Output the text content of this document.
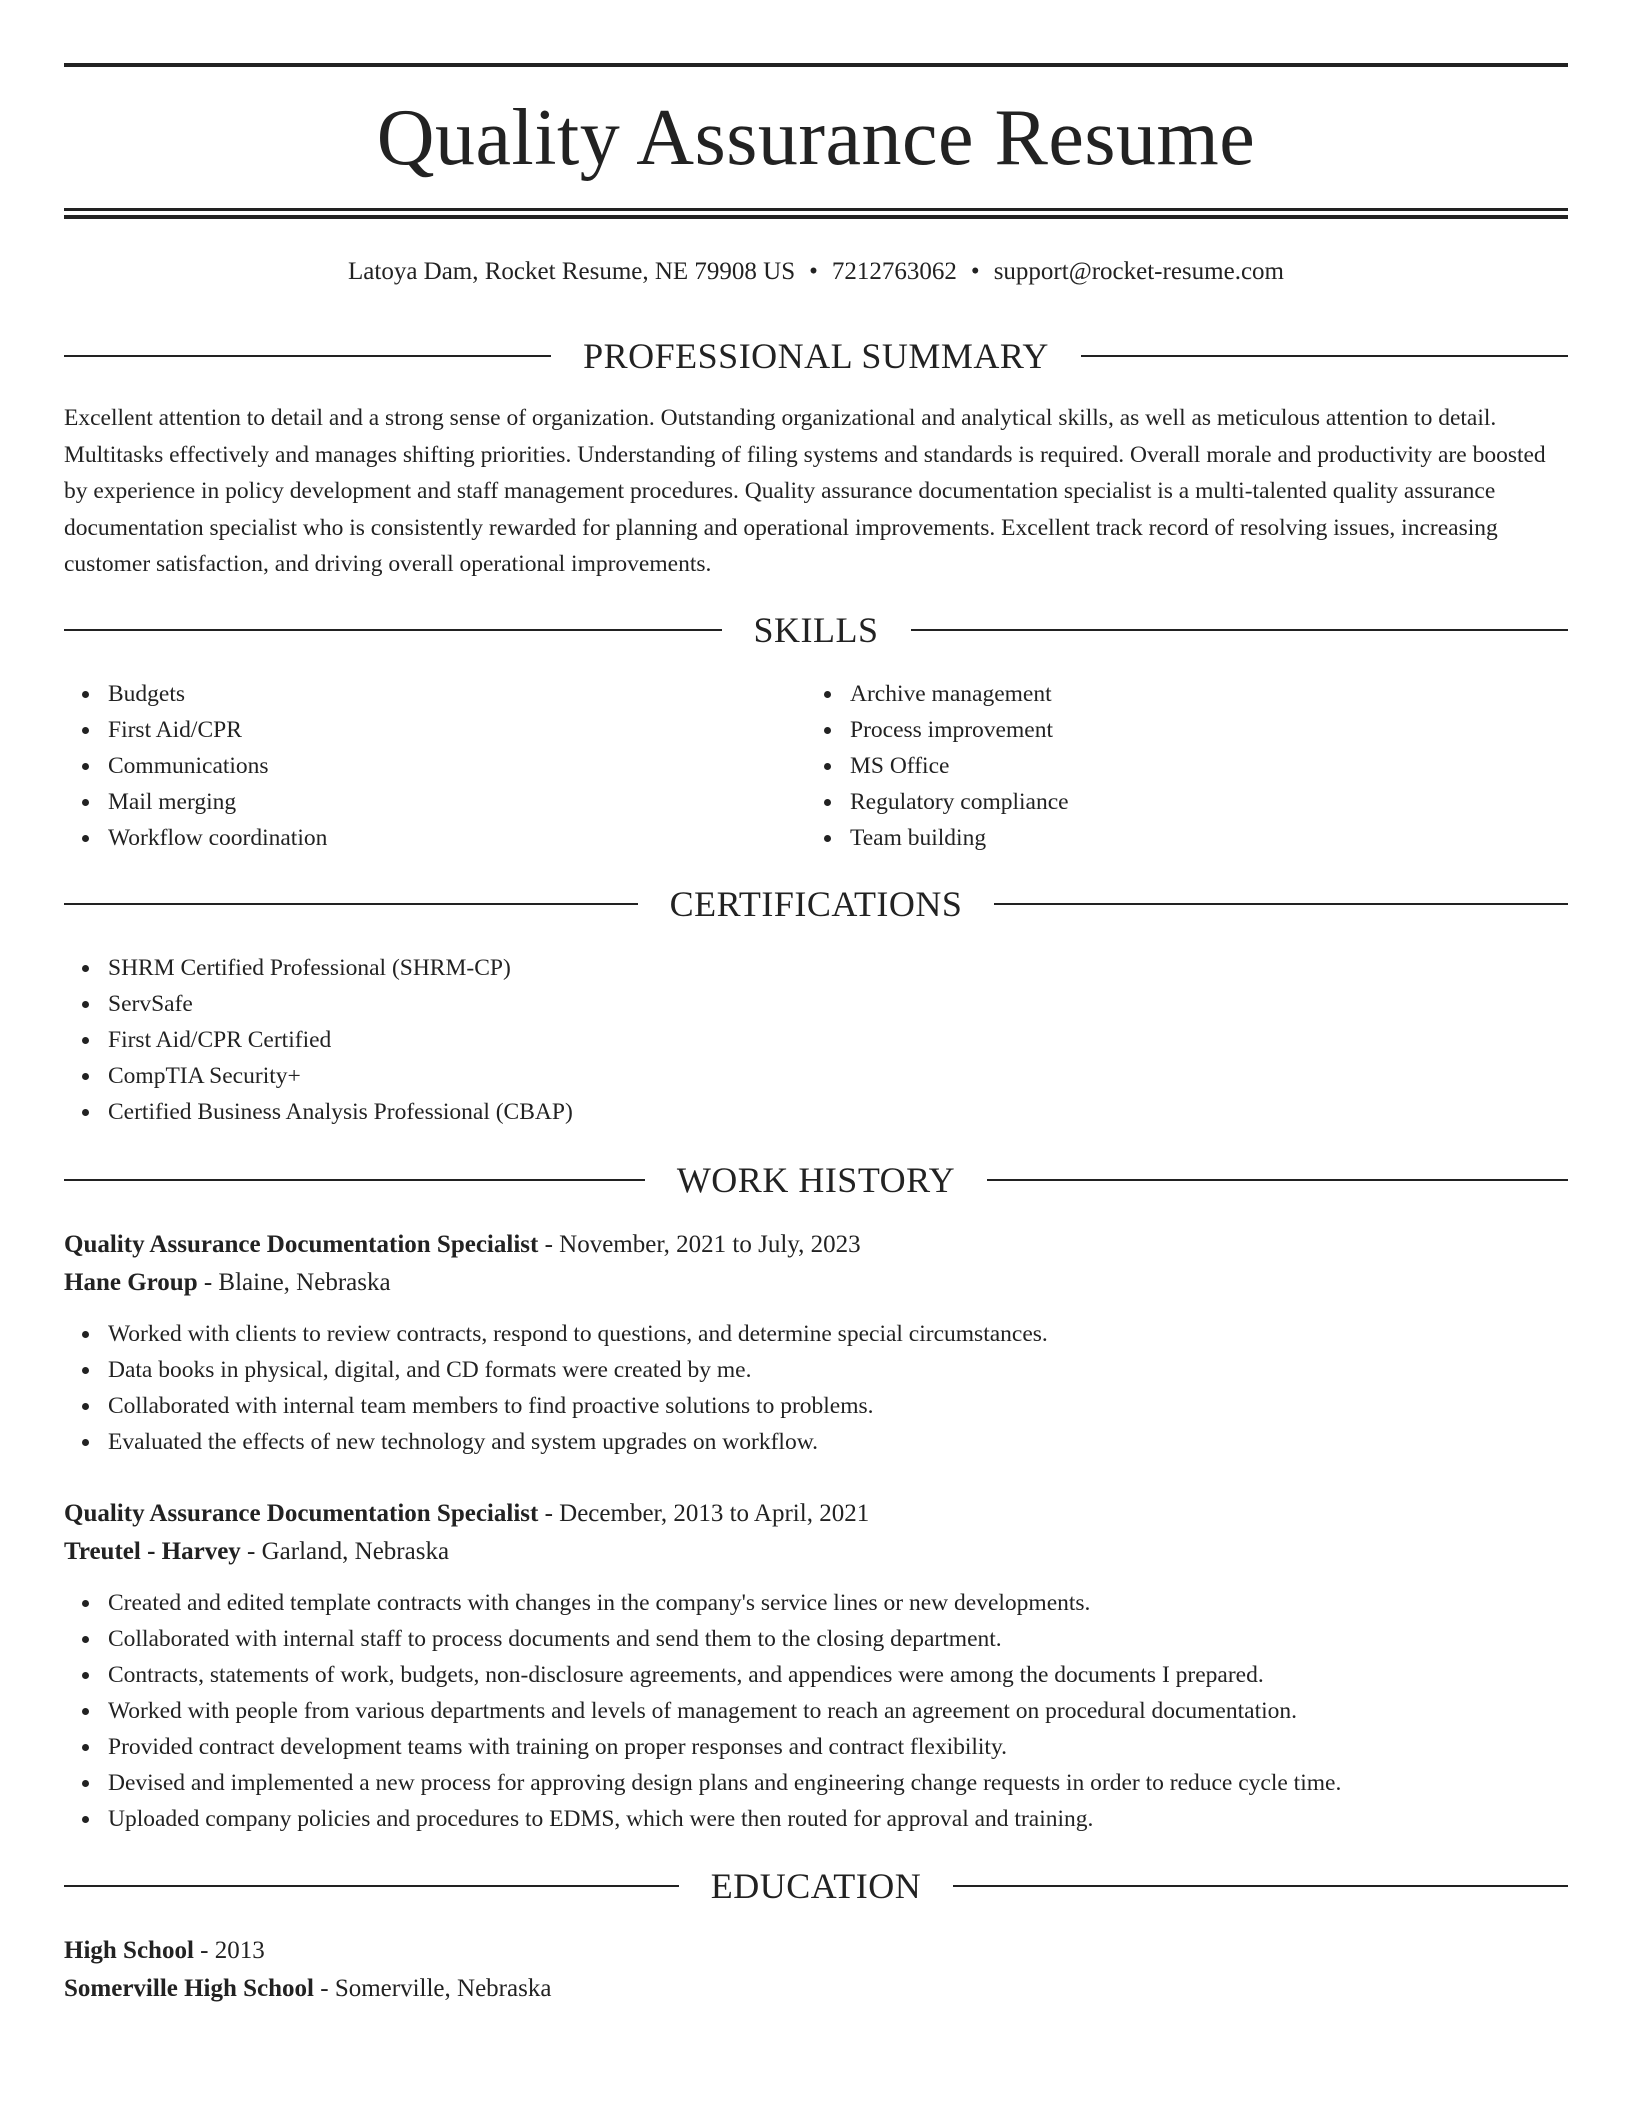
Quality Assurance Resume
Latoya Dam, Rocket Resume, NE 79908 US • 7212763062 • support@rocket-resume.com
PROFESSIONAL SUMMARY
Excellent attention to detail and a strong sense of organization. Outstanding organizational and analytical skills, as well as meticulous attention to detail. Multitasks effectively and manages shifting priorities. Understanding of filing systems and standards is required. Overall morale and productivity are boosted by experience in policy development and staff management procedures. Quality assurance documentation specialist is a multi-talented quality assurance documentation specialist who is consistently rewarded for planning and operational improvements. Excellent track record of resolving issues, increasing customer satisfaction, and driving overall operational improvements.
SKILLS
Budgets
First Aid/CPR
Communications
Mail merging
Workflow coordination
Archive management
Process improvement
MS Office
Regulatory compliance
Team building
CERTIFICATIONS
SHRM Certified Professional (SHRM-CP)
ServSafe
First Aid/CPR Certified
CompTIA Security+
Certified Business Analysis Professional (CBAP)
WORK HISTORY
Quality Assurance Documentation Specialist - November, 2021 to July, 2023
Hane Group - Blaine, Nebraska
Worked with clients to review contracts, respond to questions, and determine special circumstances.
Data books in physical, digital, and CD formats were created by me.
Collaborated with internal team members to find proactive solutions to problems.
Evaluated the effects of new technology and system upgrades on workflow.
Quality Assurance Documentation Specialist - December, 2013 to April, 2021
Treutel - Harvey - Garland, Nebraska
Created and edited template contracts with changes in the company's service lines or new developments.
Collaborated with internal staff to process documents and send them to the closing department.
Contracts, statements of work, budgets, non-disclosure agreements, and appendices were among the documents I prepared.
Worked with people from various departments and levels of management to reach an agreement on procedural documentation.
Provided contract development teams with training on proper responses and contract flexibility.
Devised and implemented a new process for approving design plans and engineering change requests in order to reduce cycle time.
Uploaded company policies and procedures to EDMS, which were then routed for approval and training.
EDUCATION
High School - 2013
Somerville High School - Somerville, Nebraska
